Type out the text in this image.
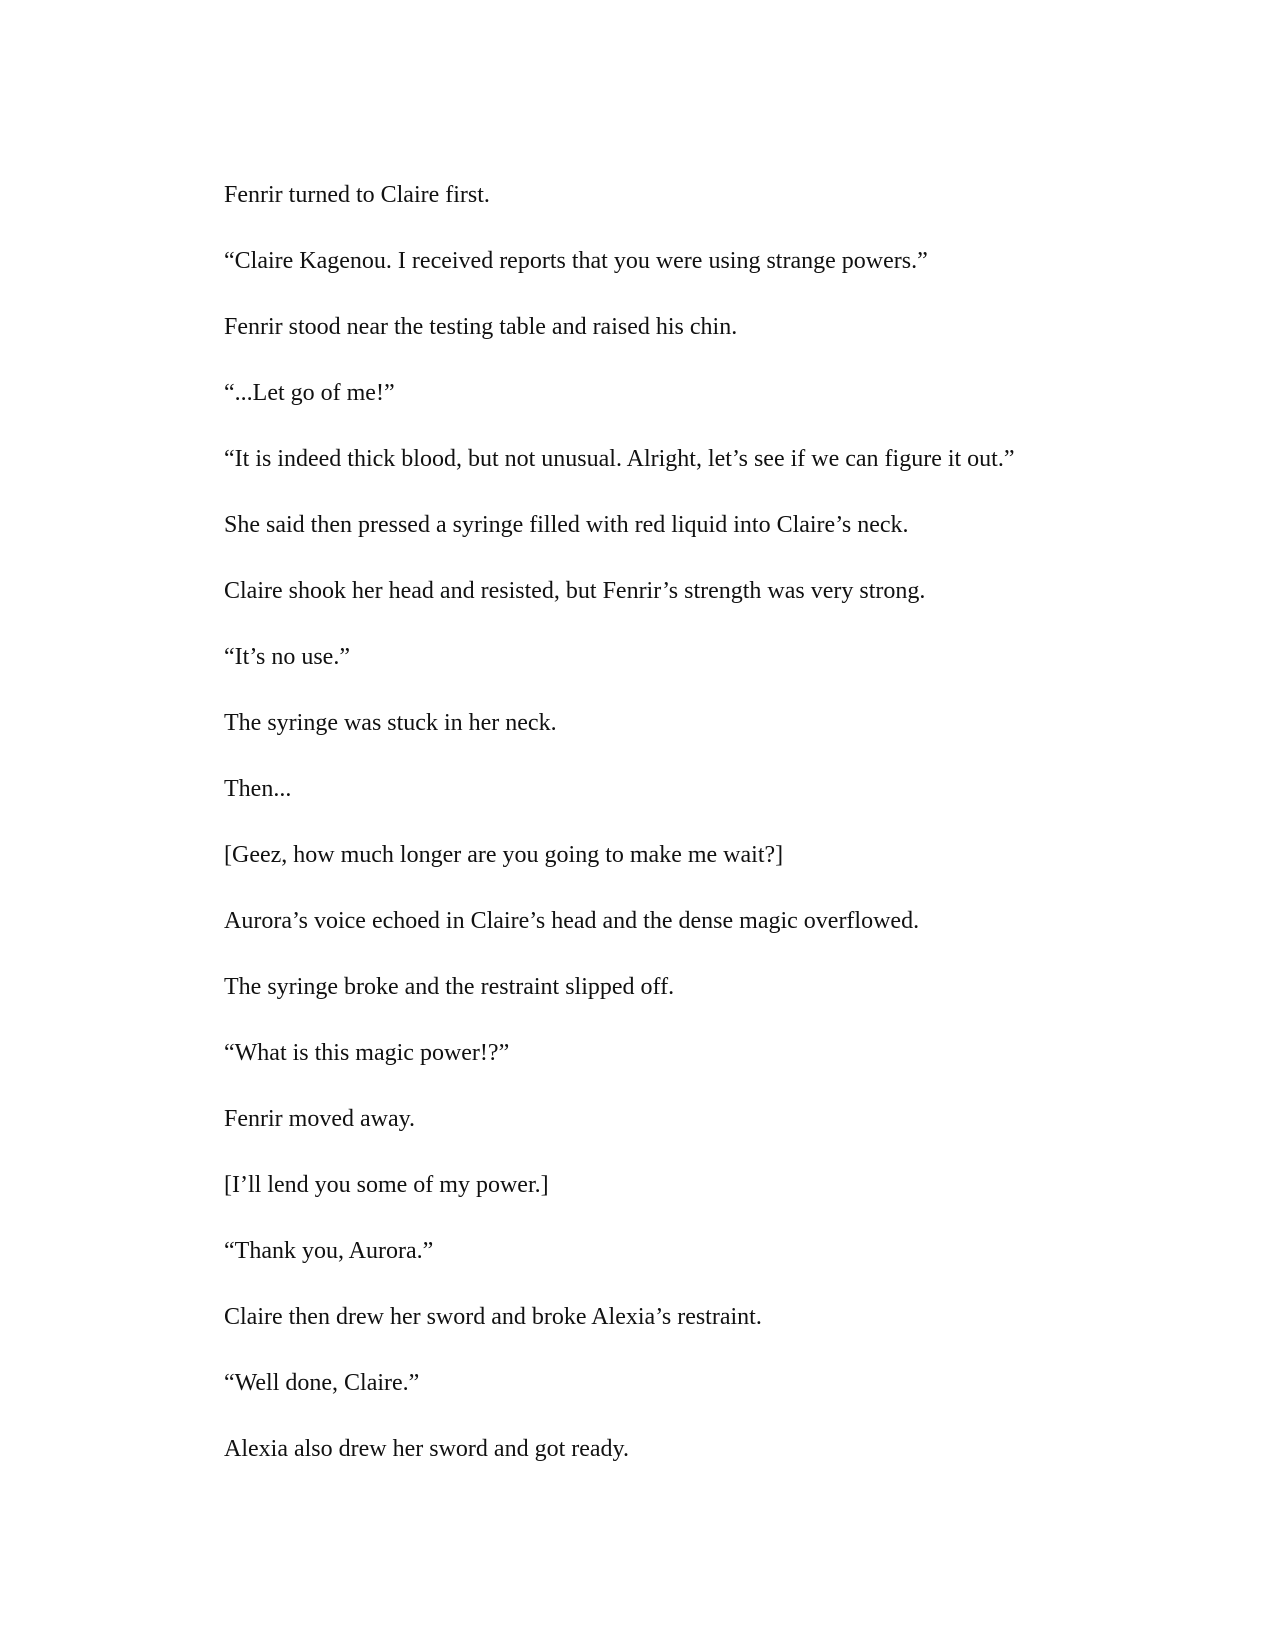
Fenrir turned to Claire first.

“Claire Kagenou. I received reports that you were using strange powers.”

Fenrir stood near the testing table and raised his chin.

“...Let go of me!”

“It is indeed thick blood, but not unusual. Alright, let’s see if we can figure it out.”

She said then pressed a syringe filled with red liquid into Claire’s neck.

Claire shook her head and resisted, but Fenrir’s strength was very strong.

“It’s no use.”

The syringe was stuck in her neck.

Then...

[Geez, how much longer are you going to make me wait?]

Aurora’s voice echoed in Claire’s head and the dense magic overflowed.

The syringe broke and the restraint slipped off.

“What is this magic power!?”

Fenrir moved away.

[I’ll lend you some of my power.]

“Thank you, Aurora.”

Claire then drew her sword and broke Alexia’s restraint.

“Well done, Claire.”

Alexia also drew her sword and got ready.
